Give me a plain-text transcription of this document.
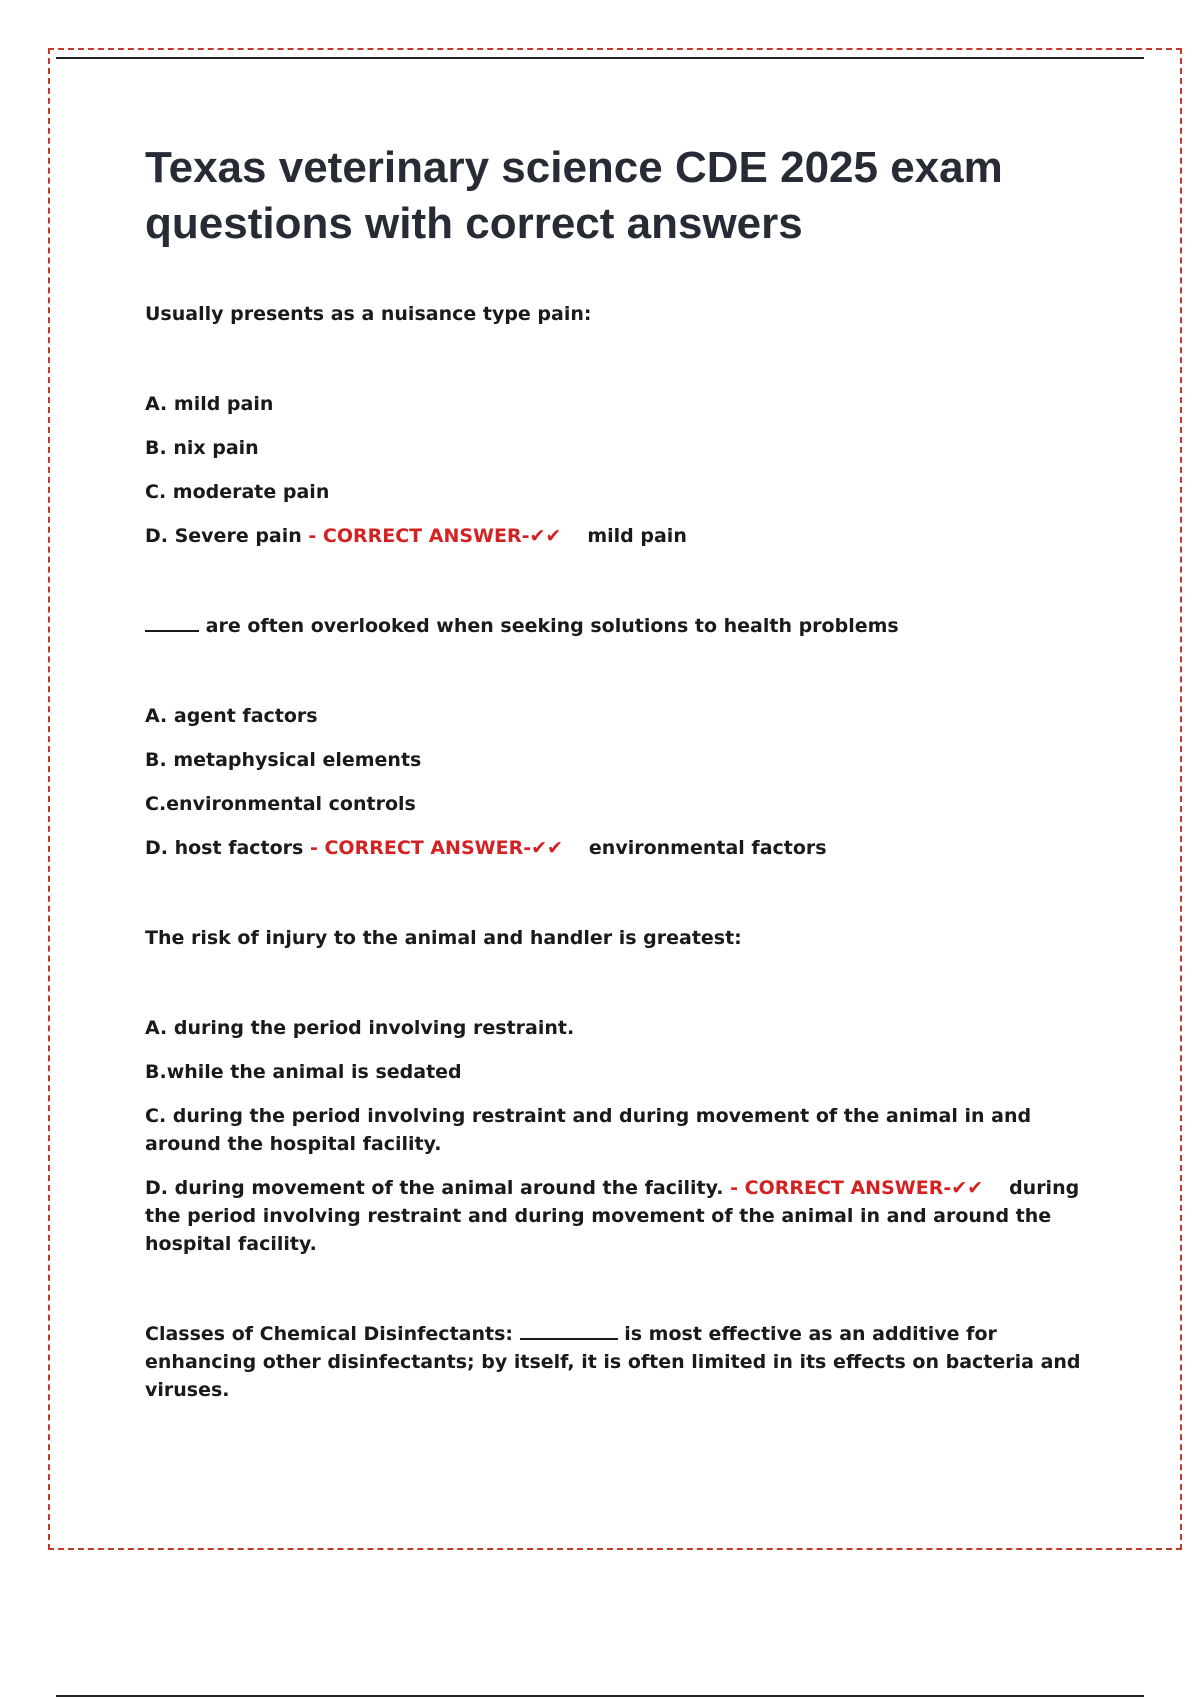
Texas veterinary science CDE 2025 exam questions with correct answers

Usually presents as a nuisance type pain:

A. mild pain

B. nix pain

C. moderate pain

D. Severe pain - CORRECT ANSWER-✔✔ mild pain

are often overlooked when seeking solutions to health problems

A. agent factors

B. metaphysical elements

C.environmental controls

D. host factors - CORRECT ANSWER-✔✔ environmental factors

The risk of injury to the animal and handler is greatest:

A. during the period involving restraint.

B.while the animal is sedated

C. during the period involving restraint and during movement of the animal in and around the hospital facility.

D. during movement of the animal around the facility. - CORRECT ANSWER-✔✔ during the period involving restraint and during movement of the animal in and around the hospital facility.

Classes of Chemical Disinfectants:	is most effective as an additive for enhancing other disinfectants; by itself, it is often limited in its effects on bacteria and viruses.
